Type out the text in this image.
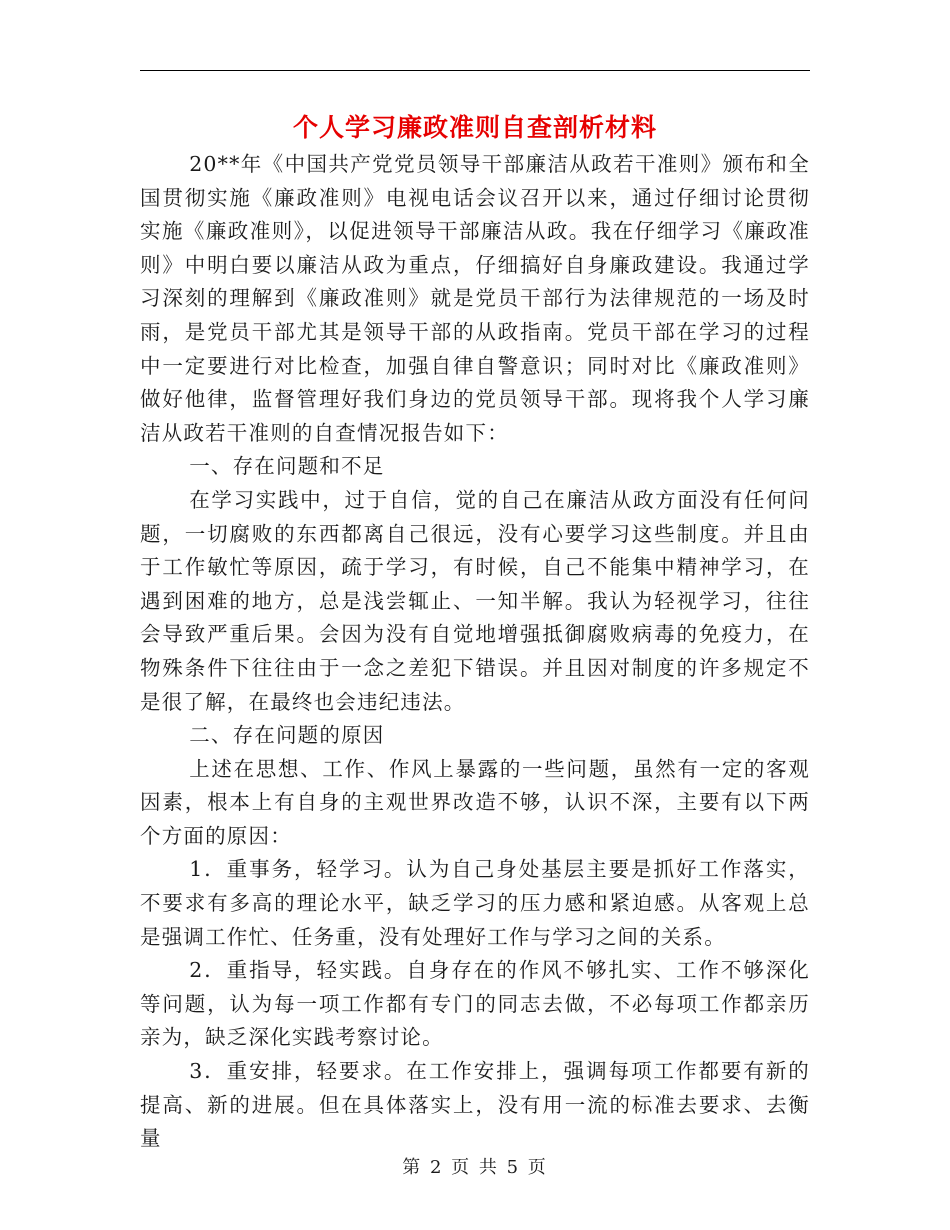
个人学习廉政准则自查剖析材料

20**年《中国共产党党员领导干部廉洁从政若干准则》颁布和全国贯彻实施《廉政准则》电视电话会议召开以来，通过仔细讨论贯彻实施《廉政准则》，以促进领导干部廉洁从政。我在仔细学习《廉政准则》中明白要以廉洁从政为重点，仔细搞好自身廉政建设。我通过学习深刻的理解到《廉政准则》就是党员干部行为法律规范的一场及时雨，是党员干部尤其是领导干部的从政指南。党员干部在学习的过程中一定要进行对比检查，加强自律自警意识；同时对比《廉政准则》做好他律，监督管理好我们身边的党员领导干部。现将我个人学习廉洁从政若干准则的自查情况报告如下：

一、存在问题和不足

在学习实践中，过于自信，觉的自己在廉洁从政方面没有任何问题，一切腐败的东西都离自己很远，没有心要学习这些制度。并且由于工作敏忙等原因，疏于学习，有时候，自己不能集中精神学习，在遇到困难的地方，总是浅尝辄止、一知半解。我认为轻视学习，往往会导致严重后果。会因为没有自觉地增强抵御腐败病毒的免疫力，在物殊条件下往往由于一念之差犯下错误。并且因对制度的许多规定不是很了解，在最终也会违纪违法。

二、存在问题的原因

上述在思想、工作、作风上暴露的一些问题，虽然有一定的客观因素，根本上有自身的主观世界改造不够，认识不深，主要有以下两个方面的原因：

1．重事务，轻学习。认为自己身处基层主要是抓好工作落实，不要求有多高的理论水平，缺乏学习的压力感和紧迫感。从客观上总是强调工作忙、任务重，没有处理好工作与学习之间的关系。

2．重指导，轻实践。自身存在的作风不够扎实、工作不够深化等问题，认为每一项工作都有专门的同志去做，不必每项工作都亲历亲为，缺乏深化实践考察讨论。

3．重安排，轻要求。在工作安排上，强调每项工作都要有新的提高、新的进展。但在具体落实上，没有用一流的标准去要求、去衡量

第 2 页 共 5 页
